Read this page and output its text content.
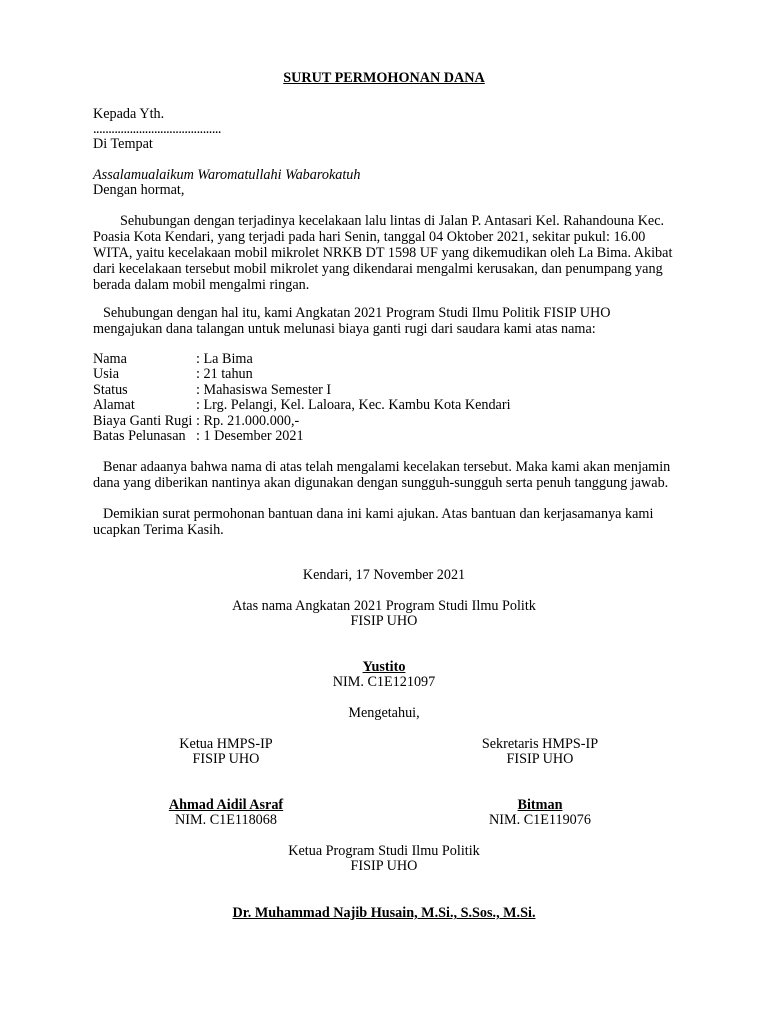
SURUT PERMOHONAN DANA
Kepada Yth.
..........................................
Di Tempat
Assalamualaikum Waromatullahi Wabarokatuh
Dengan hormat,
Sehubungan dengan terjadinya kecelakaan lalu lintas di Jalan P. Antasari Kel. Rahandouna Kec. Poasia Kota Kendari, yang terjadi pada hari Senin, tanggal 04 Oktober 2021, sekitar pukul: 16.00 WITA, yaitu kecelakaan mobil mikrolet NRKB DT 1598 UF yang dikemudikan oleh La Bima. Akibat dari kecelakaan tersebut mobil mikrolet yang dikendarai mengalmi kerusakan, dan penumpang yang berada dalam mobil mengalmi ringan.
Sehubungan dengan hal itu, kami Angkatan 2021 Program Studi Ilmu Politik FISIP UHO mengajukan dana talangan untuk melunasi biaya ganti rugi dari saudara kami atas nama:
Nama	: La Bima
Usia	: 21 tahun
Status	: Mahasiswa Semester I
Alamat	: Lrg. Pelangi, Kel. Laloara, Kec. Kambu Kota Kendari
Biaya Ganti Rugi : Rp. 21.000.000,-
Batas Pelunasan : 1 Desember 2021
Benar adaanya bahwa nama di atas telah mengalami kecelakan tersebut. Maka kami akan menjamin dana yang diberikan nantinya akan digunakan dengan sungguh-sungguh serta penuh tanggung jawab.
Demikian surat permohonan bantuan dana ini kami ajukan. Atas bantuan dan kerjasamanya kami ucapkan Terima Kasih.
Kendari, 17 November 2021
Atas nama Angkatan 2021 Program Studi Ilmu Politk
FISIP UHO
Yustito
NIM. C1E121097
Mengetahui,
Ketua HMPS-IP
FISIP UHO
Ahmad Aidil Asraf
NIM. C1E118068
Sekretaris HMPS-IP
FISIP UHO
Bitman
NIM. C1E119076
Ketua Program Studi Ilmu Politik
FISIP UHO
Dr. Muhammad Najib Husain, M.Si., S.Sos., M.Si.
